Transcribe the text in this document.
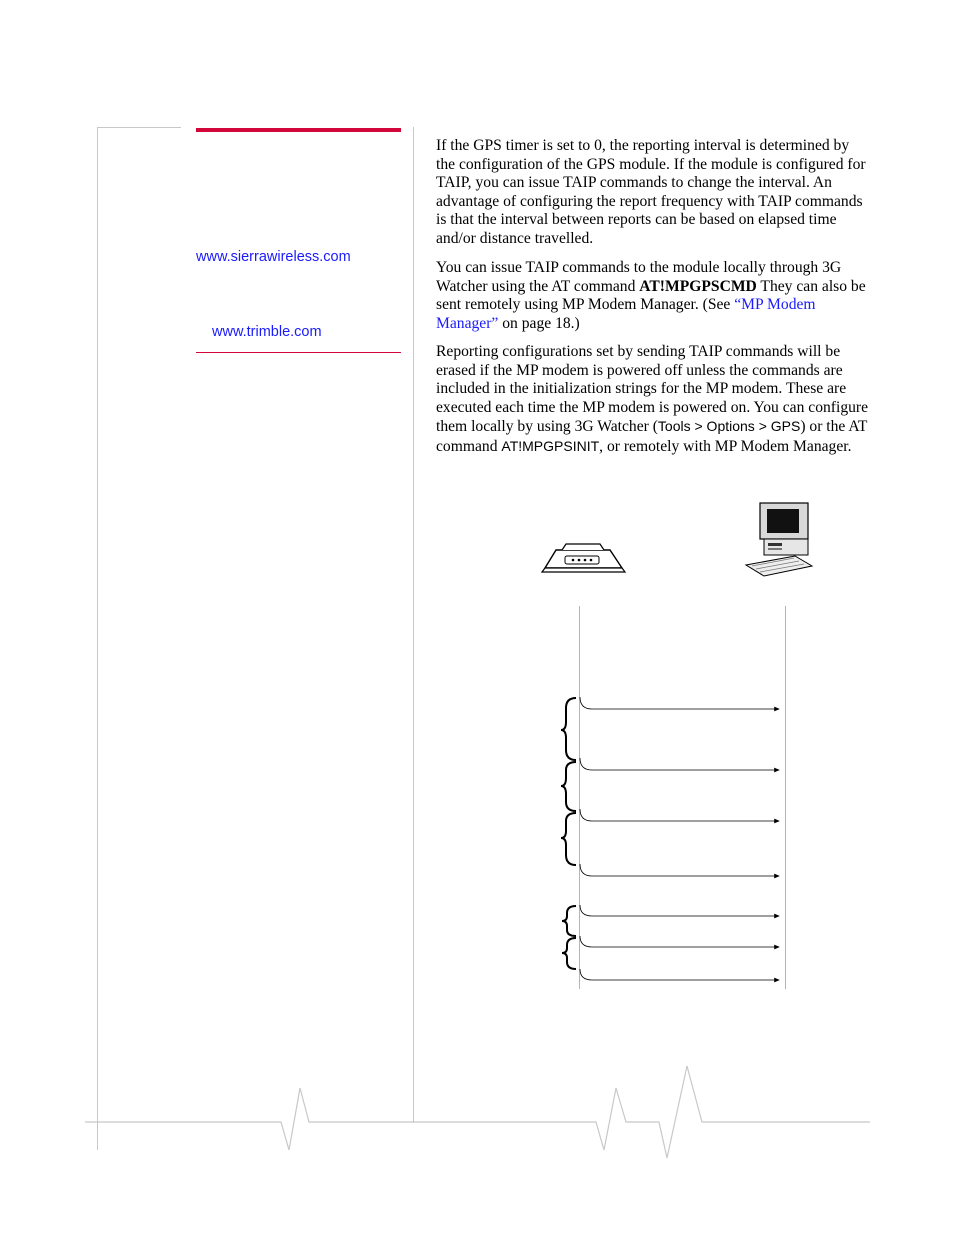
www.sierrawireless.com
www.trimble.com

If the GPS timer is set to 0, the reporting interval is determined by the configuration of the GPS module. If the module is configured for TAIP, you can issue TAIP commands to change the interval. An advantage of configuring the report frequency with TAIP commands is that the interval between reports can be based on elapsed time and/or distance travelled.

You can issue TAIP commands to the module locally through 3G Watcher using the AT command AT!MPGPSCMD They can also be sent remotely using MP Modem Manager. (See “MP Modem Manager” on page 18.)

Reporting configurations set by sending TAIP commands will be erased if the MP modem is powered off unless the commands are included in the initialization strings for the MP modem. These are executed each time the MP modem is powered on. You can configure them locally by using 3G Watcher (Tools > Options > GPS) or the AT command AT!MPGPSINIT, or remotely with MP Modem Manager.
